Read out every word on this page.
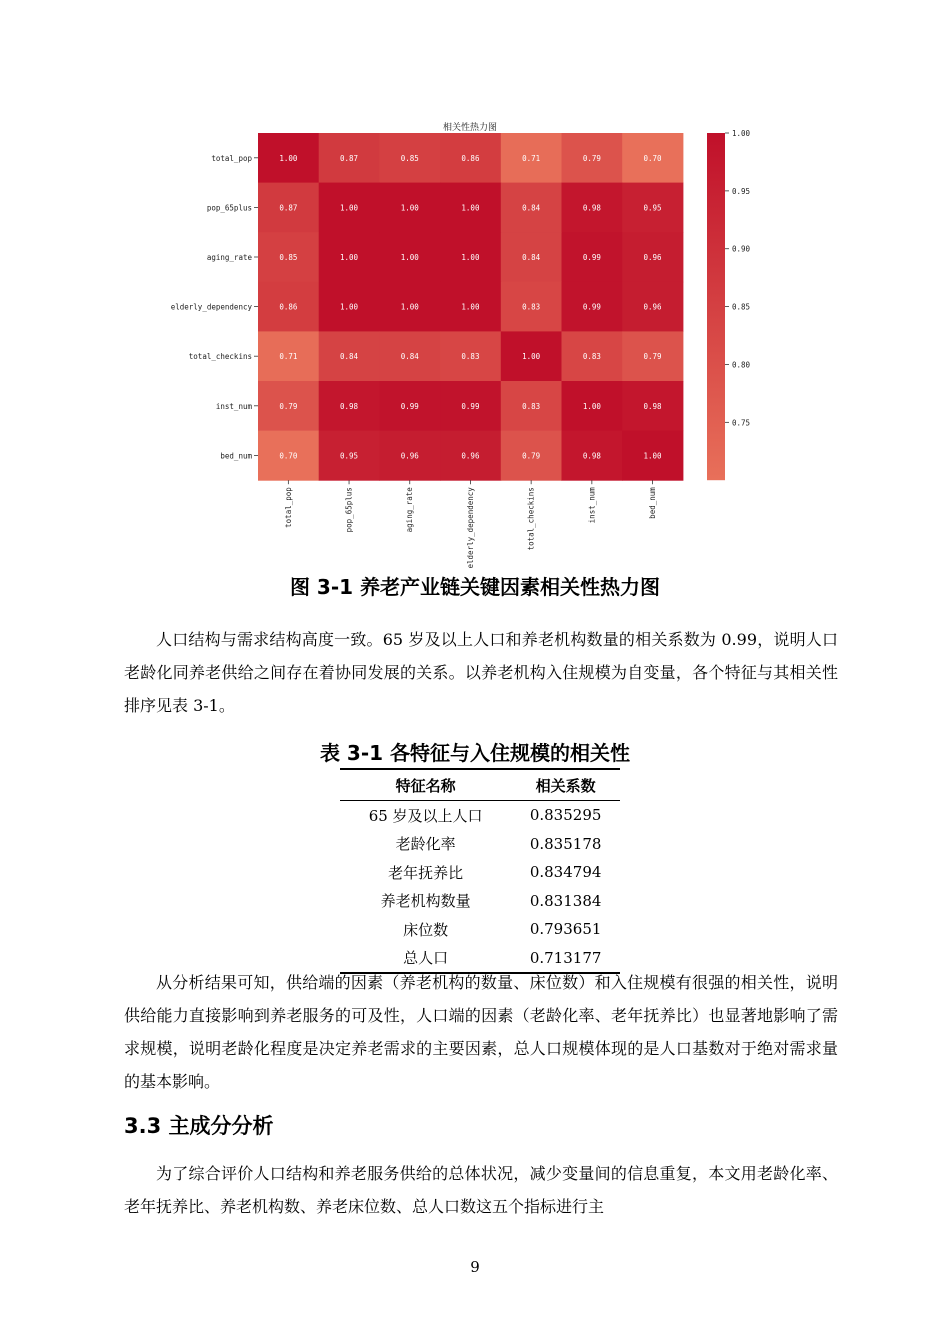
相关性热力图
1.00	0.87	0.85	0.86	0.71	0.79	0.70
0.87	1.00	1.00	1.00	0.84	0.98	0.95
0.85	1.00	1.00	1.00	0.84	0.99	0.96
0.86	1.00	1.00	1.00	0.83	0.99	0.96
0.71	0.84	0.84	0.83	1.00	0.83	0.79
0.79	0.98	0.99	0.99	0.83	1.00	0.98
0.70	0.95	0.96	0.96	0.79	0.98	1.00
total_pop
pop_65plus
aging_rate
elderly_dependency
total_checkins
inst_num
bed_num
total_pop	pop_65plus	aging_rate	elderly_dependency	total_checkins	inst_num	bed_num
1.00
0.95
0.90
0.85
0.80
0.75
图 3-1 养老产业链关键因素相关性热力图

人口结构与需求结构高度一致。65 岁及以上人口和养老机构数量的相关系数为 0.99，说明人口老龄化同养老供给之间存在着协同发展的关系。以养老机构入住规模为自变量，各个特征与其相关性排序见表 3-1。

表 3-1 各特征与入住规模的相关性
特征名称	相关系数
65 岁及以上人口	0.835295
老龄化率	0.835178
老年抚养比	0.834794
养老机构数量	0.831384
床位数	0.793651
总人口	0.713177

从分析结果可知，供给端的因素（养老机构的数量、床位数）和入住规模有很强的相关性，说明供给能力直接影响到养老服务的可及性，人口端的因素（老龄化率、老年抚养比）也显著地影响了需求规模，说明老龄化程度是决定养老需求的主要因素，总人口规模体现的是人口基数对于绝对需求量的基本影响。

3.3 主成分分析

为了综合评价人口结构和养老服务供给的总体状况，减少变量间的信息重复，本文用老龄化率、老年抚养比、养老机构数、养老床位数、总人口数这五个指标进行主

9
